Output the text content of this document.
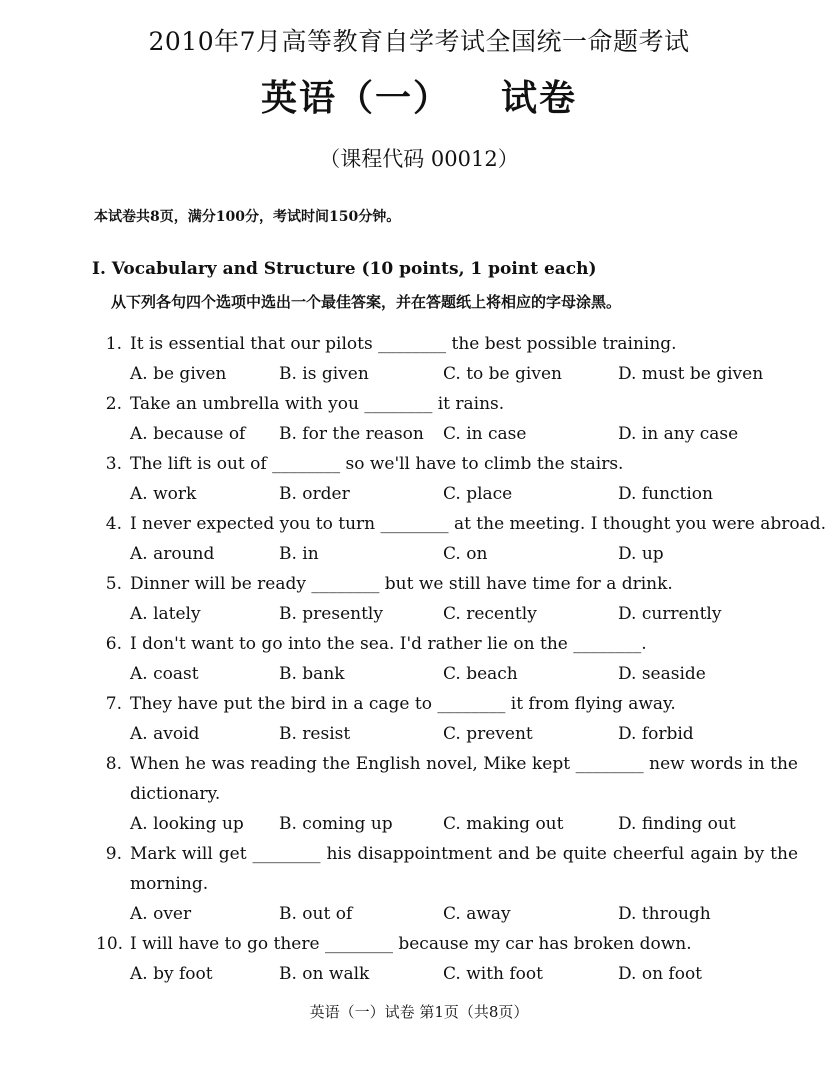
2010年7月高等教育自学考试全国统一命题考试
英语（一） 试卷
（课程代码 00012）
本试卷共8页，满分100分，考试时间150分钟。
I. Vocabulary and Structure (10 points, 1 point each)
从下列各句四个选项中选出一个最佳答案，并在答题纸上将相应的字母涂黑。
1. It is essential that our pilots ________ the best possible training.
A. be given	B. is given	C. to be given	D. must be given
2. Take an umbrella with you ________ it rains.
A. because of B. for the reason C. in case	D. in any case
3. The lift is out of ________ so we'll have to climb the stairs.
A. work	B. order	C. place	D. function
4. I never expected you to turn ________ at the meeting. I thought you were abroad.
A. around	B. in	C. on	D. up
5. Dinner will be ready ________ but we still have time for a drink.
A. lately	B. presently	C. recently	D. currently
6. I don't want to go into the sea. I'd rather lie on the ________.
A. coast	B. bank	C. beach	D. seaside
7. They have put the bird in a cage to ________ it from flying away.
A. avoid	B. resist	C. prevent	D. forbid
8. When he was reading the English novel, Mike kept ________ new words in the
dictionary.
A. looking up B. coming up	C. making out	D. finding out
9. Mark will get ________ his disappointment and be quite cheerful again by the
morning.
A. over	B. out of	C. away	D. through
10. I will have to go there ________ because my car has broken down.
A. by foot	B. on walk	C. with foot	D. on foot
英语（一）试卷 第1页（共8页）
